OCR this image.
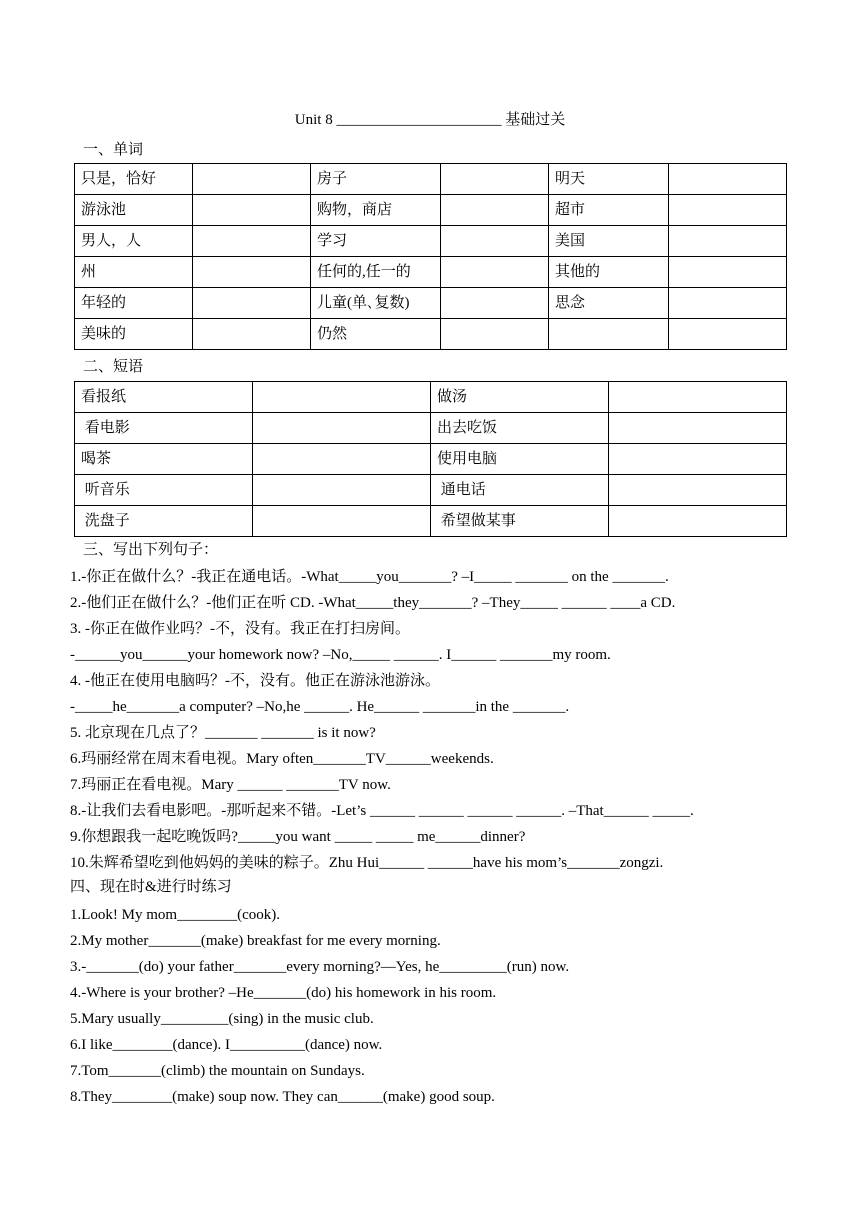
Unit 8 ______________________ 基础过关
一、单词
只是，恰好		房子		明天	
游泳池		购物，商店		超市	
男人，人		学习		美国	
州		任何的,任一的		其他的	
年轻的		儿童(单､复数)		思念	
美味的		仍然			
二、短语
看报纸		做汤	
看电影		出去吃饭	
喝茶		使用电脑	
听音乐		通电话	
洗盘子		希望做某事	
三、写出下列句子：
1.-你正在做什么？-我正在通电话。-What_____you_______? –I_____ _______ on the _______.
2.-他们正在做什么？-他们正在听 CD. -What_____they_______? –They_____ ______ ____a CD.
3. -你正在做作业吗？-不，没有。我正在打扫房间。
-______you______your homework now? –No,_____ ______. I______ _______my room.
4. -他正在使用电脑吗？-不，没有。他正在游泳池游泳。
-_____he_______a computer? –No,he ______. He______ _______in the _______.
5. 北京现在几点了？_______ _______ is it now?
6.玛丽经常在周末看电视。Mary often_______TV______weekends.
7.玛丽正在看电视。Mary ______ _______TV now.
8.-让我们去看电影吧。-那听起来不错。-Let’s ______ ______ ______ ______. –That______ _____.
9.你想跟我一起吃晚饭吗?_____you want _____ _____ me______dinner?
10.朱辉希望吃到他妈妈的美味的粽子。Zhu Hui______ ______have his mom’s_______zongzi.
四、现在时&进行时练习
1.Look! My mom________(cook).
2.My mother_______(make) breakfast for me every morning.
3.-_______(do) your father_______every morning?—Yes, he_________(run) now.
4.-Where is your brother? –He_______(do) his homework in his room.
5.Mary usually_________(sing) in the music club.
6.I like________(dance). I__________(dance) now.
7.Tom_______(climb) the mountain on Sundays.
8.They________(make) soup now. They can______(make) good soup.
